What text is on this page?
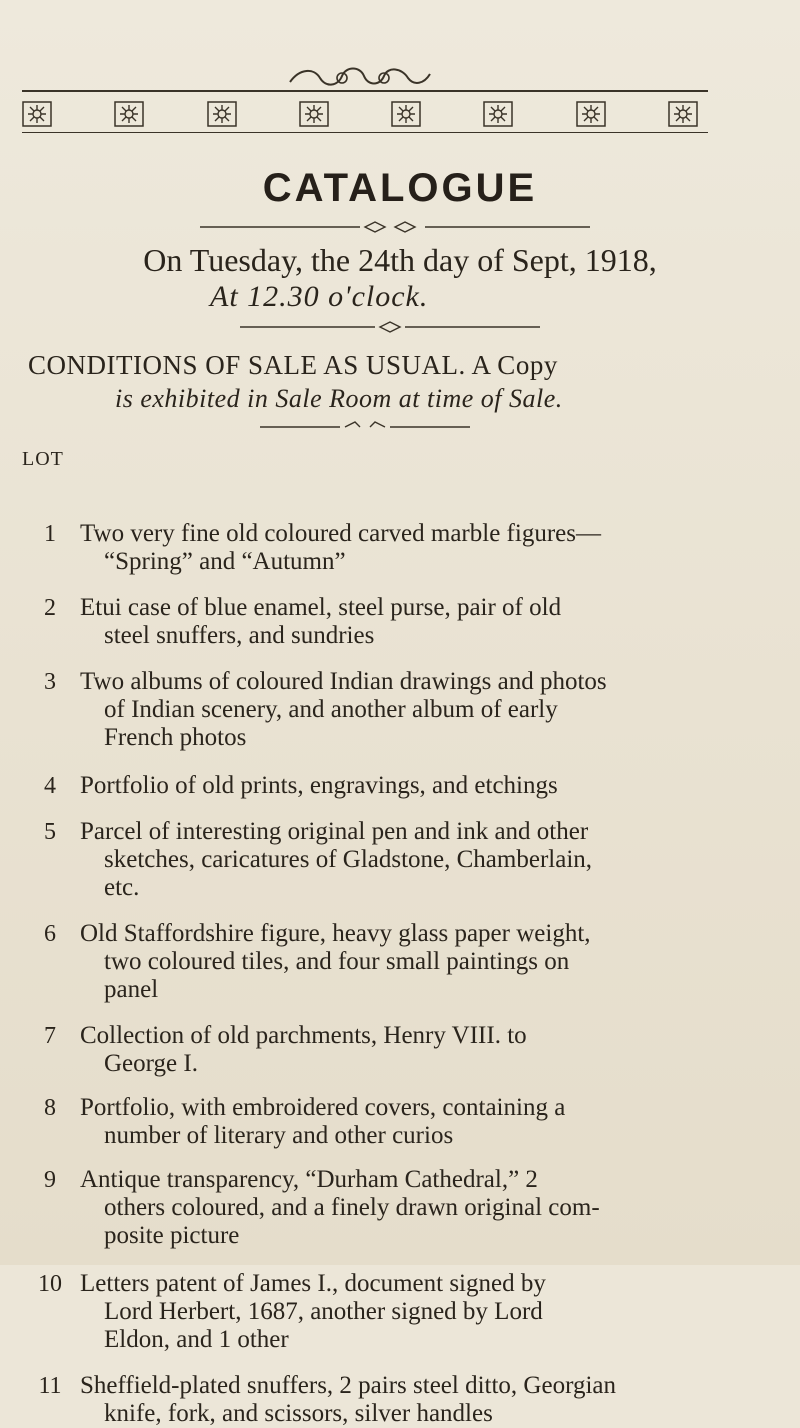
CATALOGUE
On Tuesday, the 24th day of Sept, 1918,
At 12.30 o'clock.
CONDITIONS OF SALE AS USUAL. A Copy
is exhibited in Sale Room at time of Sale.
LOT
1 Two very fine old coloured carved marble figures—
“Spring” and “Autumn”
2 Etui case of blue enamel, steel purse, pair of old
steel snuffers, and sundries
3 Two albums of coloured Indian drawings and photos
of Indian scenery, and another album of early
French photos
4 Portfolio of old prints, engravings, and etchings
5 Parcel of interesting original pen and ink and other
sketches, caricatures of Gladstone, Chamberlain,
etc.
6 Old Staffordshire figure, heavy glass paper weight,
two coloured tiles, and four small paintings on
panel
7 Collection of old parchments, Henry VIII. to
George I.
8 Portfolio, with embroidered covers, containing a
number of literary and other curios
9 Antique transparency, “Durham Cathedral,” 2
others coloured, and a finely drawn original com-
posite picture
10 Letters patent of James I., document signed by
Lord Herbert, 1687, another signed by Lord
Eldon, and 1 other
11 Sheffield-plated snuffers, 2 pairs steel ditto, Georgian
knife, fork, and scissors, silver handles
